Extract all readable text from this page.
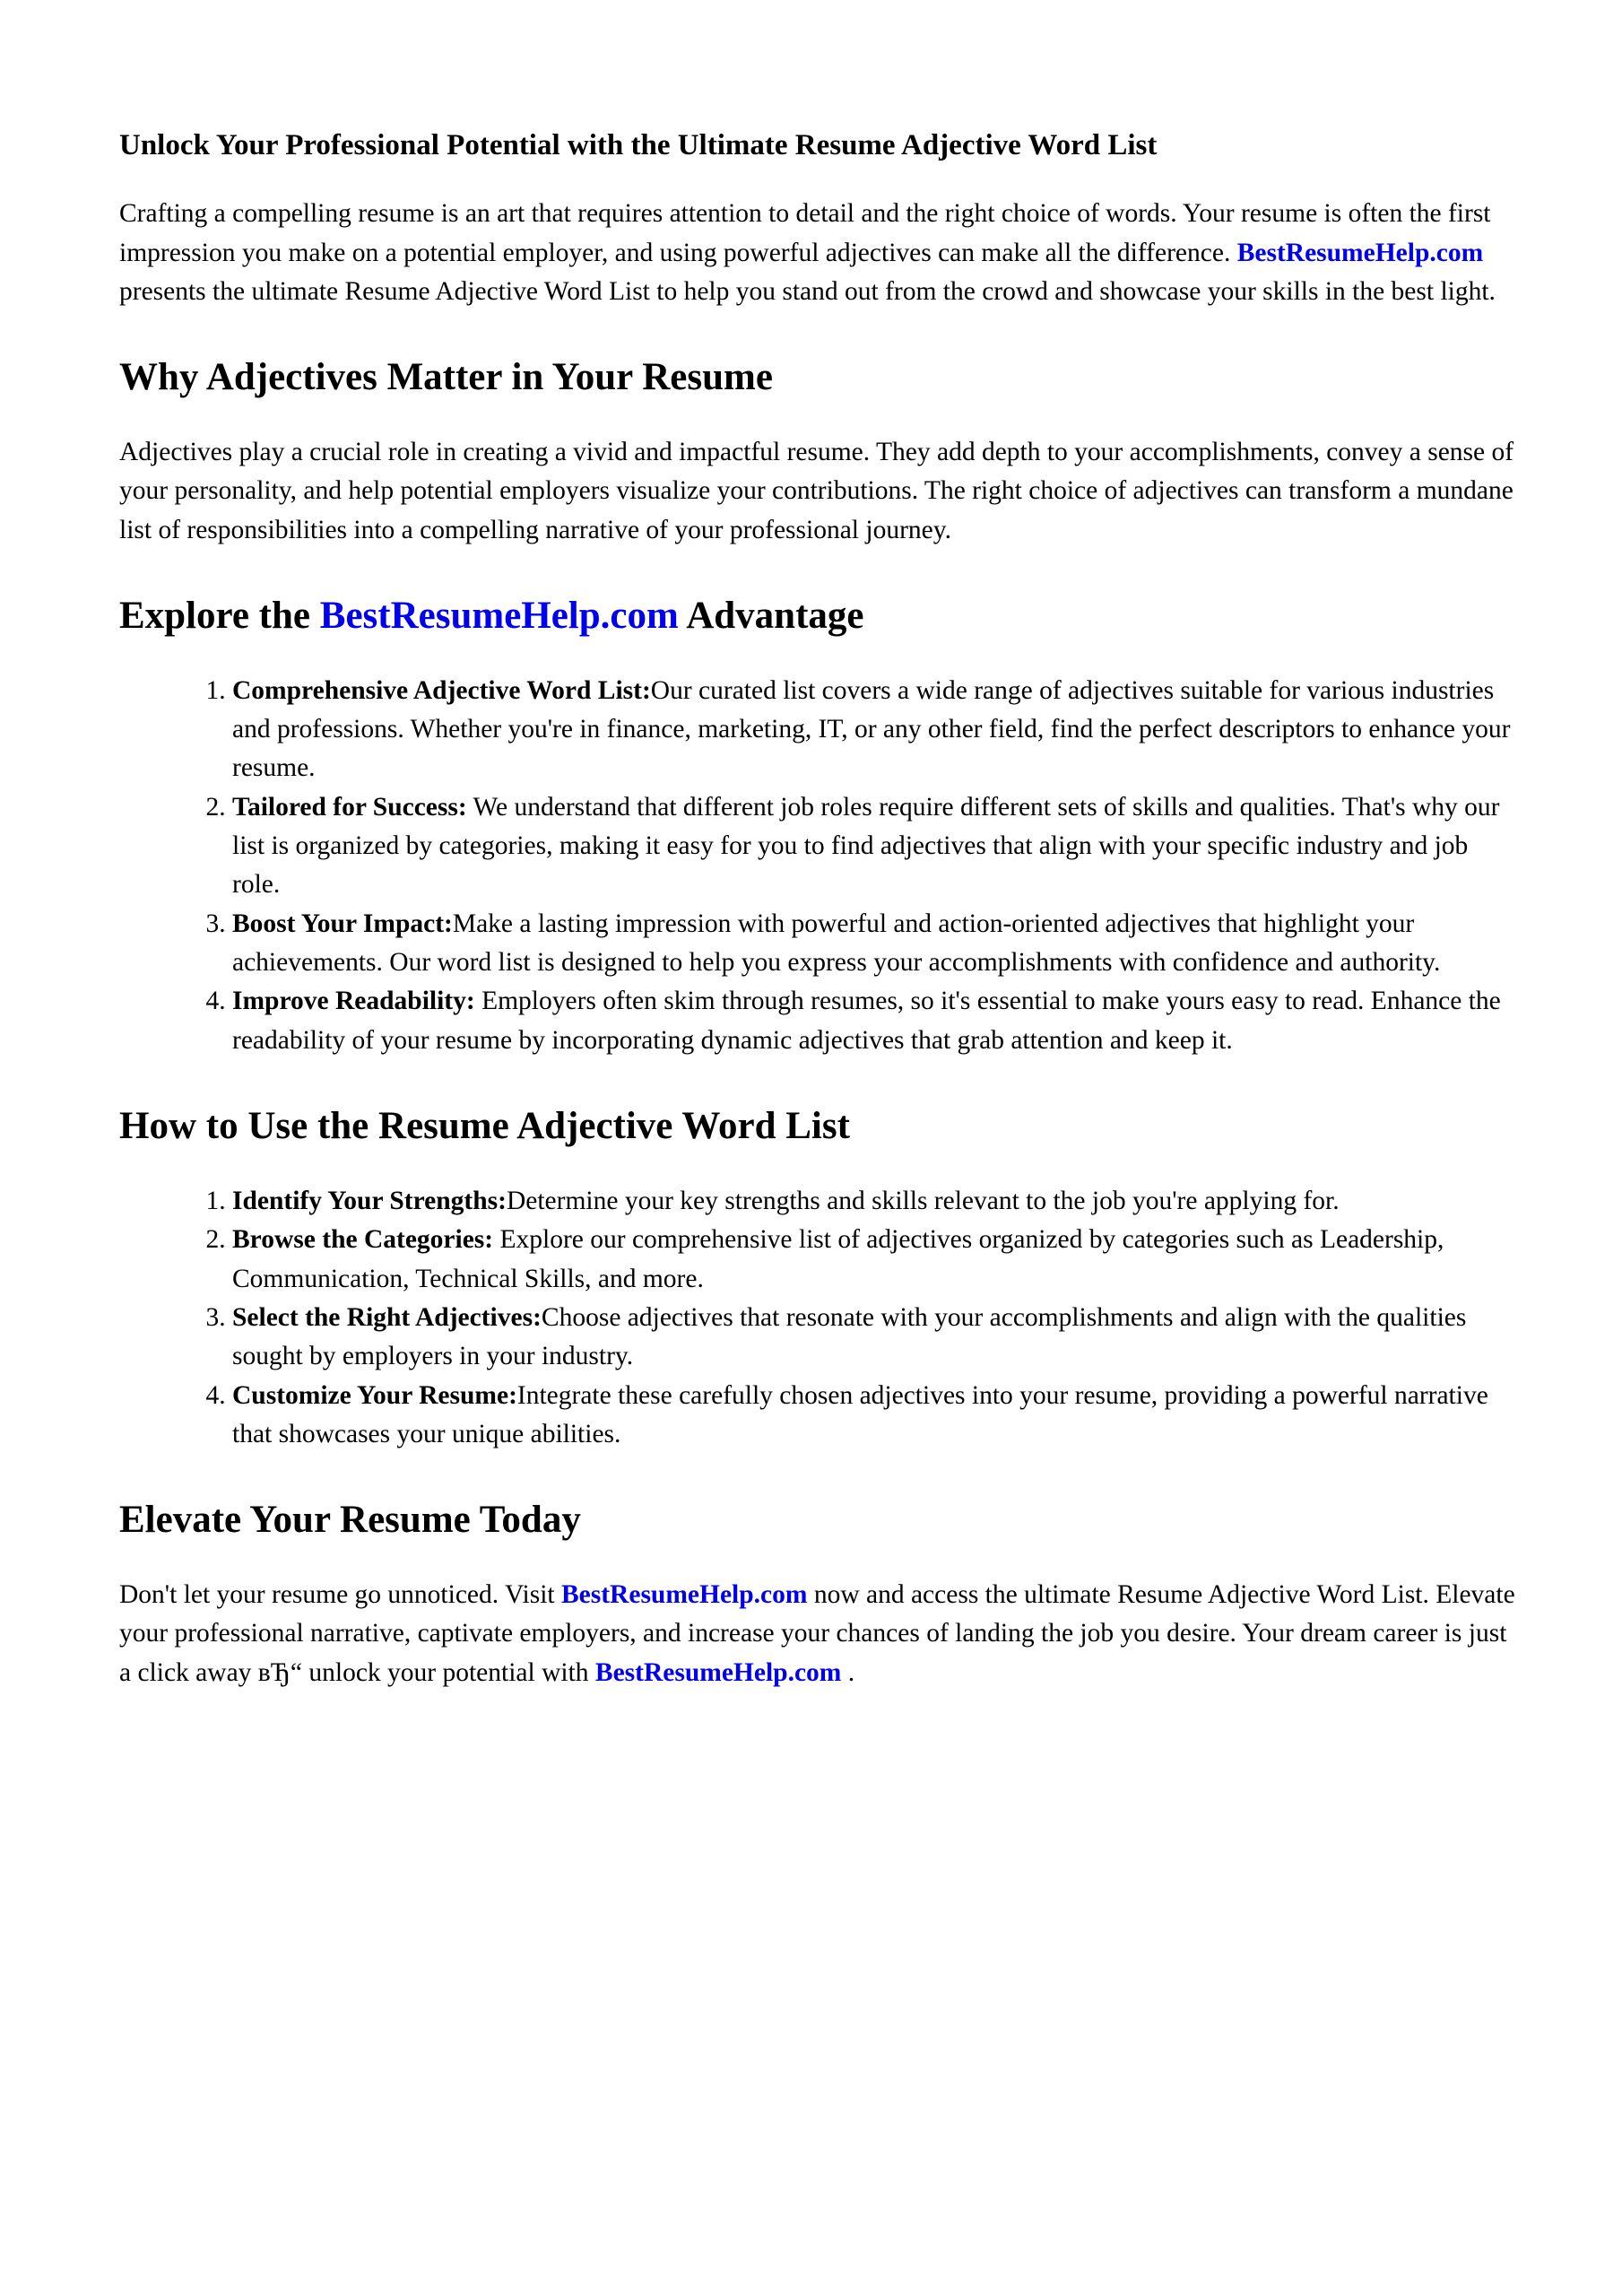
Unlock Your Professional Potential with the Ultimate Resume Adjective Word List

Crafting a compelling resume is an art that requires attention to detail and the right choice of words. Your resume is often the first impression you make on a potential employer, and using powerful adjectives can make all the difference. BestResumeHelp.com presents the ultimate Resume Adjective Word List to help you stand out from the crowd and showcase your skills in the best light.

Why Adjectives Matter in Your Resume

Adjectives play a crucial role in creating a vivid and impactful resume. They add depth to your accomplishments, convey a sense of your personality, and help potential employers visualize your contributions. The right choice of adjectives can transform a mundane list of responsibilities into a compelling narrative of your professional journey.

Explore the BestResumeHelp.com Advantage
1. Comprehensive Adjective Word List:Our curated list covers a wide range of adjectives suitable for various industries and professions. Whether you're in finance, marketing, IT, or any other field, find the perfect descriptors to enhance your resume.
2. Tailored for Success: We understand that different job roles require different sets of skills and qualities. That's why our list is organized by categories, making it easy for you to find adjectives that align with your specific industry and job role.
3. Boost Your Impact:Make a lasting impression with powerful and action-oriented adjectives that highlight your achievements. Our word list is designed to help you express your accomplishments with confidence and authority.
4. Improve Readability: Employers often skim through resumes, so it's essential to make yours easy to read. Enhance the readability of your resume by incorporating dynamic adjectives that grab attention and keep it.
How to Use the Resume Adjective Word List
1. Identify Your Strengths:Determine your key strengths and skills relevant to the job you're applying for.
2. Browse the Categories: Explore our comprehensive list of adjectives organized by categories such as Leadership, Communication, Technical Skills, and more.
3. Select the Right Adjectives:Choose adjectives that resonate with your accomplishments and align with the qualities sought by employers in your industry.
4. Customize Your Resume:Integrate these carefully chosen adjectives into your resume, providing a powerful narrative that showcases your unique abilities.
Elevate Your Resume Today

Don't let your resume go unnoticed. Visit BestResumeHelp.com now and access the ultimate Resume Adjective Word List. Elevate your professional narrative, captivate employers, and increase your chances of landing the job you desire. Your dream career is just a click away вЂ“ unlock your potential with BestResumeHelp.com .
